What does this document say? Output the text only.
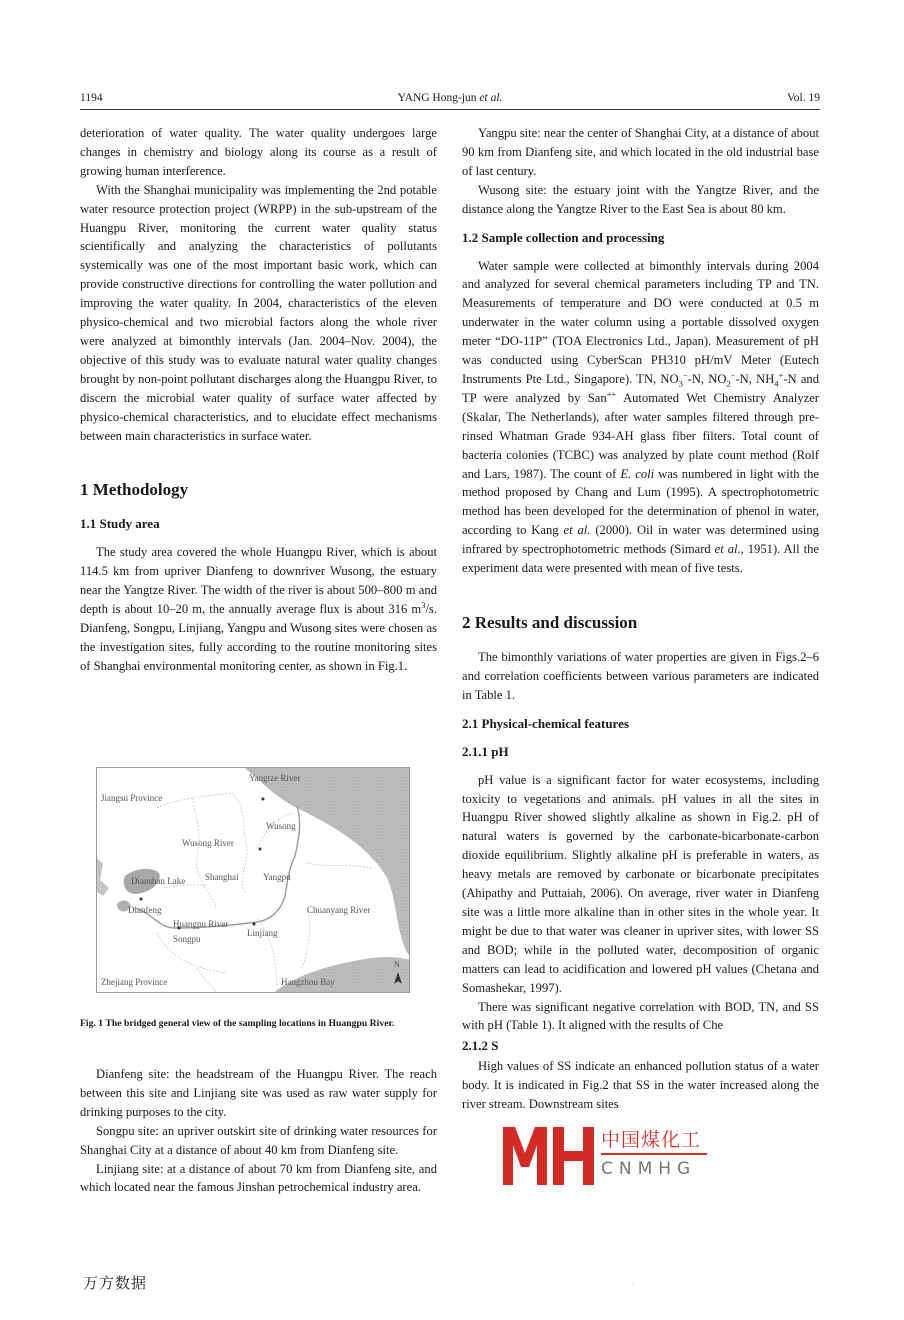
1194	YANG Hong-jun et al.	Vol. 19

deterioration of water quality. The water quality undergoes large changes in chemistry and biology along its course as a result of growing human interference.

With the Shanghai municipality was implementing the 2nd potable water resource protection project (WRPP) in the sub-upstream of the Huangpu River, monitoring the current water quality status scientifically and analyzing the characteristics of pollutants systemically was one of the most important basic work, which can provide constructive directions for controlling the water pollution and improving the water quality. In 2004, characteristics of the eleven physico-chemical and two microbial factors along the whole river were analyzed at bimonthly intervals (Jan. 2004–Nov. 2004), the objective of this study was to evaluate natural water quality changes brought by non-point pollutant discharges along the Huangpu River, to discern the microbial water quality of surface water affected by physico-chemical characteristics, and to elucidate effect mechanisms between main characteristics in surface water.

1 Methodology
1.1 Study area

The study area covered the whole Huangpu River, which is about 114.5 km from upriver Dianfeng to downriver Wusong, the estuary near the Yangtze River. The width of the river is about 500–800 m and depth is about 10–20 m, the annually average flux is about 316 $m^3/s$. Dianfeng, Songpu, Linjiang, Yangpu and Wusong sites were chosen as the investigation sites, fully according to the routine monitoring sites of Shanghai environmental monitoring center, as shown in Fig.1.

Jiangsu Province
Yangtze River
Wusong
Wusong River
Yangpu
Shanghai
Dianshan Lake
Dianfeng	Chuanyang River
Huangpu River
Linjiang
Songpu
Zhejiang Province	Hangzhou Bay
N
Fig. 1 The bridged general view of the sampling locations in Huangpu River.

Dianfeng site: the headstream of the Huangpu River. The reach between this site and Linjiang site was used as raw water supply for drinking purposes to the city.

Songpu site: an upriver outskirt site of drinking water resources for Shanghai City at a distance of about 40 km from Dianfeng site.

Linjiang site: at a distance of about 70 km from Dianfeng site, and which located near the famous Jinshan petrochemical industry area.

Yangpu site: near the center of Shanghai City, at a distance of about 90 km from Dianfeng site, and which located in the old industrial base of last century.

Wusong site: the estuary joint with the Yangtze River, and the distance along the Yangtze River to the East Sea is about 80 km.

1.2 Sample collection and processing

Water sample were collected at bimonthly intervals during 2004 and analyzed for several chemical parameters including TP and TN. Measurements of temperature and DO were conducted at 0.5 m underwater in the water column using a portable dissolved oxygen meter “DO-11P” (TOA Electronics Ltd., Japan). Measurement of pH was conducted using CyberScan PH310 pH/mV Meter (Eutech Instruments Pte Ltd., Singapore). TN, $NO_3^--N$, $NO_2^--N$, $NH_4^+-N$ and TP were analyzed by San++ Automated Wet Chemistry Analyzer (Skalar, The Netherlands), after water samples filtered through pre-rinsed Whatman Grade 934-AH glass fiber filters. Total count of bacteria colonies (TCBC) was analyzed by plate count method (Rolf and Lars, 1987). The count of E. coli was numbered in light with the method proposed by Chang and Lum (1995). A spectrophotometric method has been developed for the determination of phenol in water, according to Kang et al. (2000). Oil in water was determined using infrared by spectrophotometric methods (Simard et al., 1951). All the experiment data were presented with mean of five tests.

2 Results and discussion

The bimonthly variations of water properties are given in Figs.2–6 and correlation coefficients between various parameters are indicated in Table 1.

2.1 Physical-chemical features
2.1.1 pH

pH value is a significant factor for water ecosystems, including toxicity to vegetations and animals. pH values in all the sites in Huangpu River showed slightly alkaline as shown in Fig.2. pH of natural waters is governed by the carbonate-bicarbonate-carbon dioxide equilibrium. Slightly alkaline pH is preferable in waters, as heavy metals are removed by carbonate or bicarbonate precipitates (Ahipathy and Puttaiah, 2006). On average, river water in Dianfeng site was a little more alkaline than in other sites in the whole year. It might be due to that water was cleaner in upriver sites, with lower SS and BOD; while in the polluted water, decomposition of organic matters can lead to acidification and lowered pH values (Chetana and Somashekar, 1997).

There was significant negative correlation with BOD, TN, and SS with pH (Table 1). It aligned with the results of Che

2.1.2 S

High values of SS indicate an enhanced pollution status of a water body. It is indicated in Fig.2 that SS in the water increased along the river stream. Downstream sites

中国煤化工
CNMHG
万方数据	·
